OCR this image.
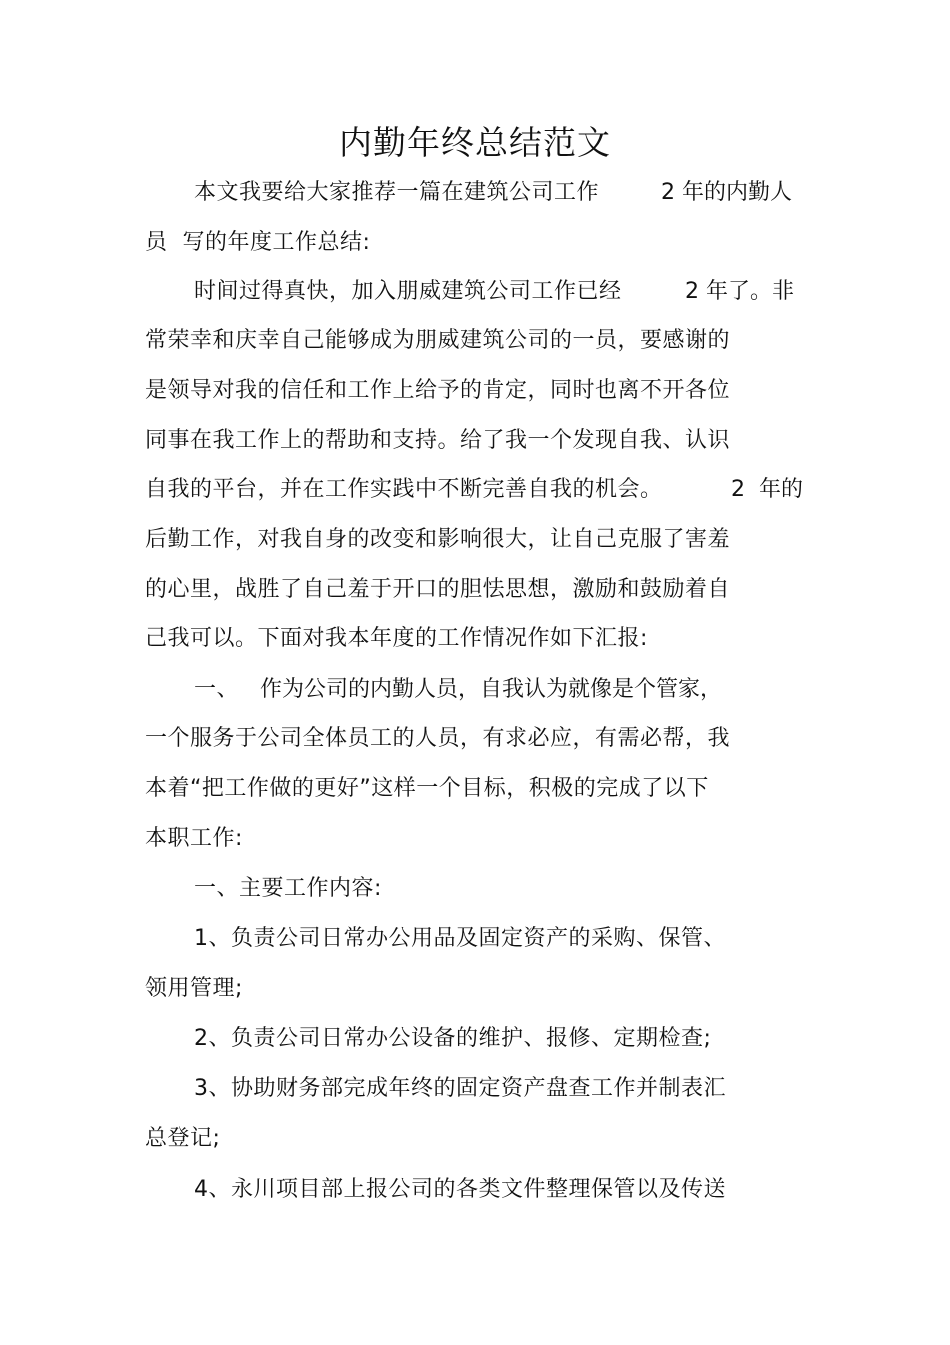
内勤年终总结范文
本文我要给大家推荐一篇在建筑公司工作	2 年的内勤人
员  写的年度工作总结:
时间过得真快，加入朋威建筑公司工作已经	2 年了。非
常荣幸和庆幸自己能够成为朋威建筑公司的一员，要感谢的
是领导对我的信任和工作上给予的肯定，同时也离不开各位
同事在我工作上的帮助和支持。给了我一个发现自我、认识
自我的平台，并在工作实践中不断完善自我的机会。	2  年的
后勤工作，对我自身的改变和影响很大，让自己克服了害羞
的心里，战胜了自己羞于开口的胆怯思想，激励和鼓励着自
己我可以。下面对我本年度的工作情况作如下汇报:
一、 作为公司的内勤人员，自我认为就像是个管家，
一个服务于公司全体员工的人员，有求必应，有需必帮，我
本着“把工作做的更好”这样一个目标，积极的完成了以下
本职工作:
一、主要工作内容:
1、负责公司日常办公用品及固定资产的采购、保管、
领用管理;
2、负责公司日常办公设备的维护、报修、定期检查;
3、协助财务部完成年终的固定资产盘查工作并制表汇
总登记;
4、永川项目部上报公司的各类文件整理保管以及传送
